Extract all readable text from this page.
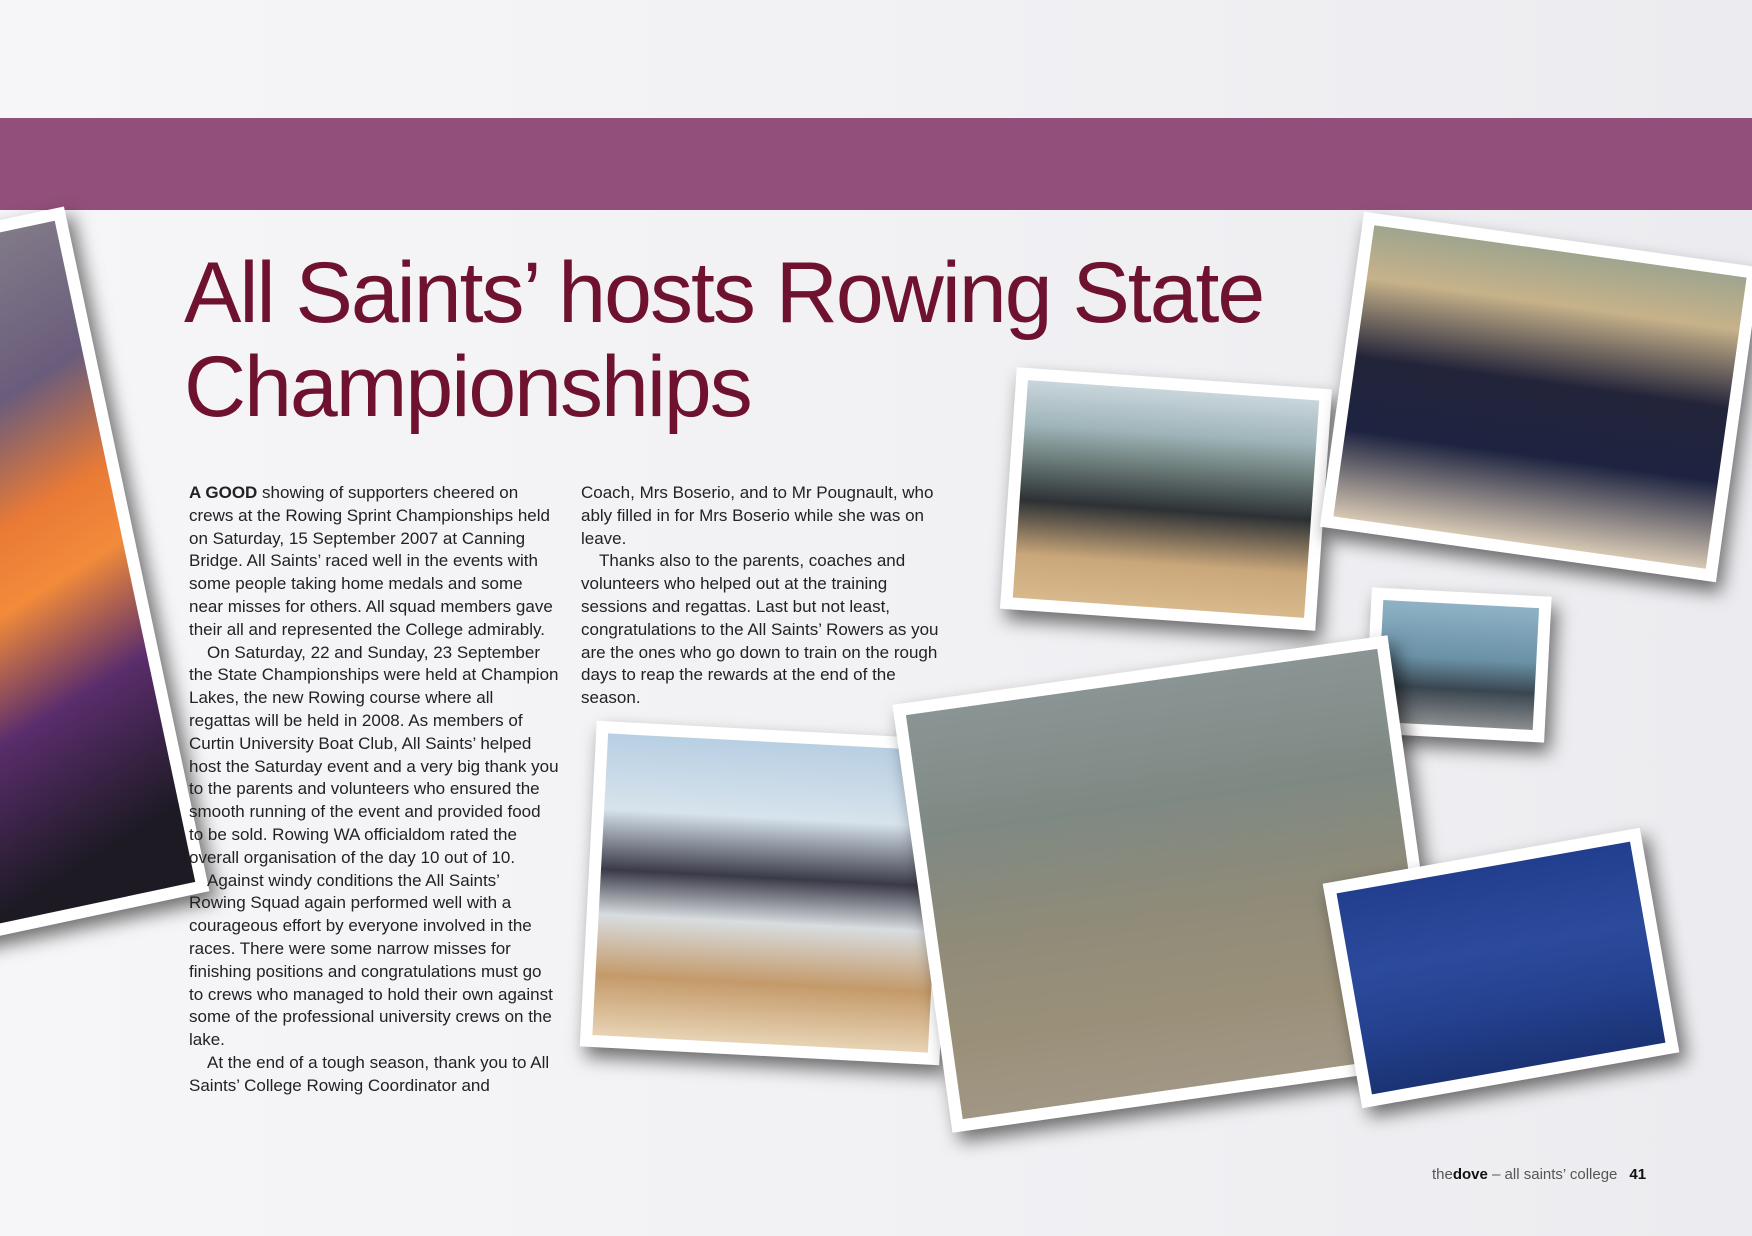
All Saints’ hosts Rowing State Championships

A GOOD showing of supporters cheered on crews at the Rowing Sprint Championships held on Saturday, 15 September 2007 at Canning Bridge. All Saints’ raced well in the events with some people taking home medals and some near misses for others. All squad members gave their all and represented the College admirably.

On Saturday, 22 and Sunday, 23 September the State Championships were held at Champion Lakes, the new Rowing course where all regattas will be held in 2008. As members of Curtin University Boat Club, All Saints’ helped host the Saturday event and a very big thank you to the parents and volunteers who ensured the smooth running of the event and provided food to be sold. Rowing WA officialdom rated the overall organisation of the day 10 out of 10.

Against windy conditions the All Saints’ Rowing Squad again performed well with a courageous effort by everyone involved in the races. There were some narrow misses for finishing positions and congratulations must go to crews who managed to hold their own against some of the professional university crews on the lake.

At the end of a tough season, thank you to All Saints’ College Rowing Coordinator and

Coach, Mrs Boserio, and to Mr Pougnault, who ably filled in for Mrs Boserio while she was on leave.

Thanks also to the parents, coaches and volunteers who helped out at the training sessions and regattas. Last but not least, congratulations to the All Saints’ Rowers as you are the ones who go down to train on the rough days to reap the rewards at the end of the season.

thedove – all saints’ college 41
